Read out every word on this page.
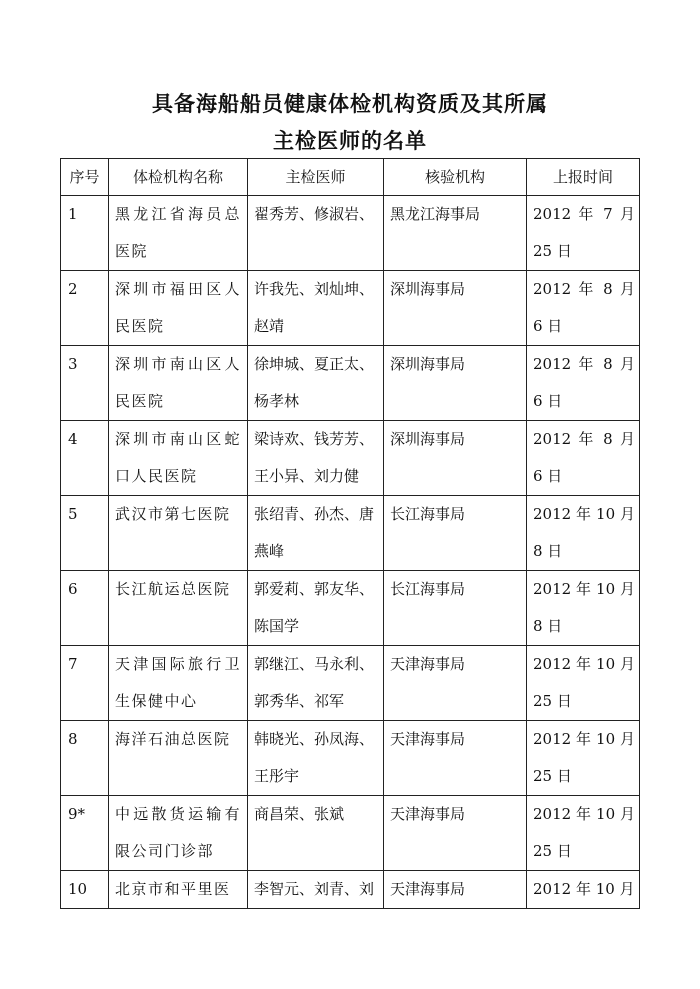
具备海船船员健康体检机构资质及其所属
主检医师的名单
序号	体检机构名称	主检医师	核验机构	上报时间
1	黑龙江省海员总医院	翟秀芳、修淑岩、	黑龙江海事局	2012 年 7 月 25 日
2	深圳市福田区人民医院	许我先、刘灿坤、赵靖	深圳海事局	2012 年 8 月 6 日
3	深圳市南山区人民医院	徐坤城、夏正太、杨孝林	深圳海事局	2012 年 8 月 6 日
4	深圳市南山区蛇口人民医院	梁诗欢、钱芳芳、王小异、刘力健	深圳海事局	2012 年 8 月 6 日
5	武汉市第七医院	张绍青、孙杰、唐燕峰	长江海事局	2012 年 10 月 8 日
6	长江航运总医院	郭爱莉、郭友华、陈国学	长江海事局	2012 年 10 月 8 日
7	天津国际旅行卫生保健中心	郭继江、马永利、郭秀华、祁军	天津海事局	2012 年 10 月 25 日
8	海洋石油总医院	韩晓光、孙凤海、王彤宇	天津海事局	2012 年 10 月 25 日
9*	中远散货运输有限公司门诊部	商昌荣、张斌	天津海事局	2012 年 10 月 25 日
10	北京市和平里医	李智元、刘青、刘	天津海事局	2012 年 10 月
